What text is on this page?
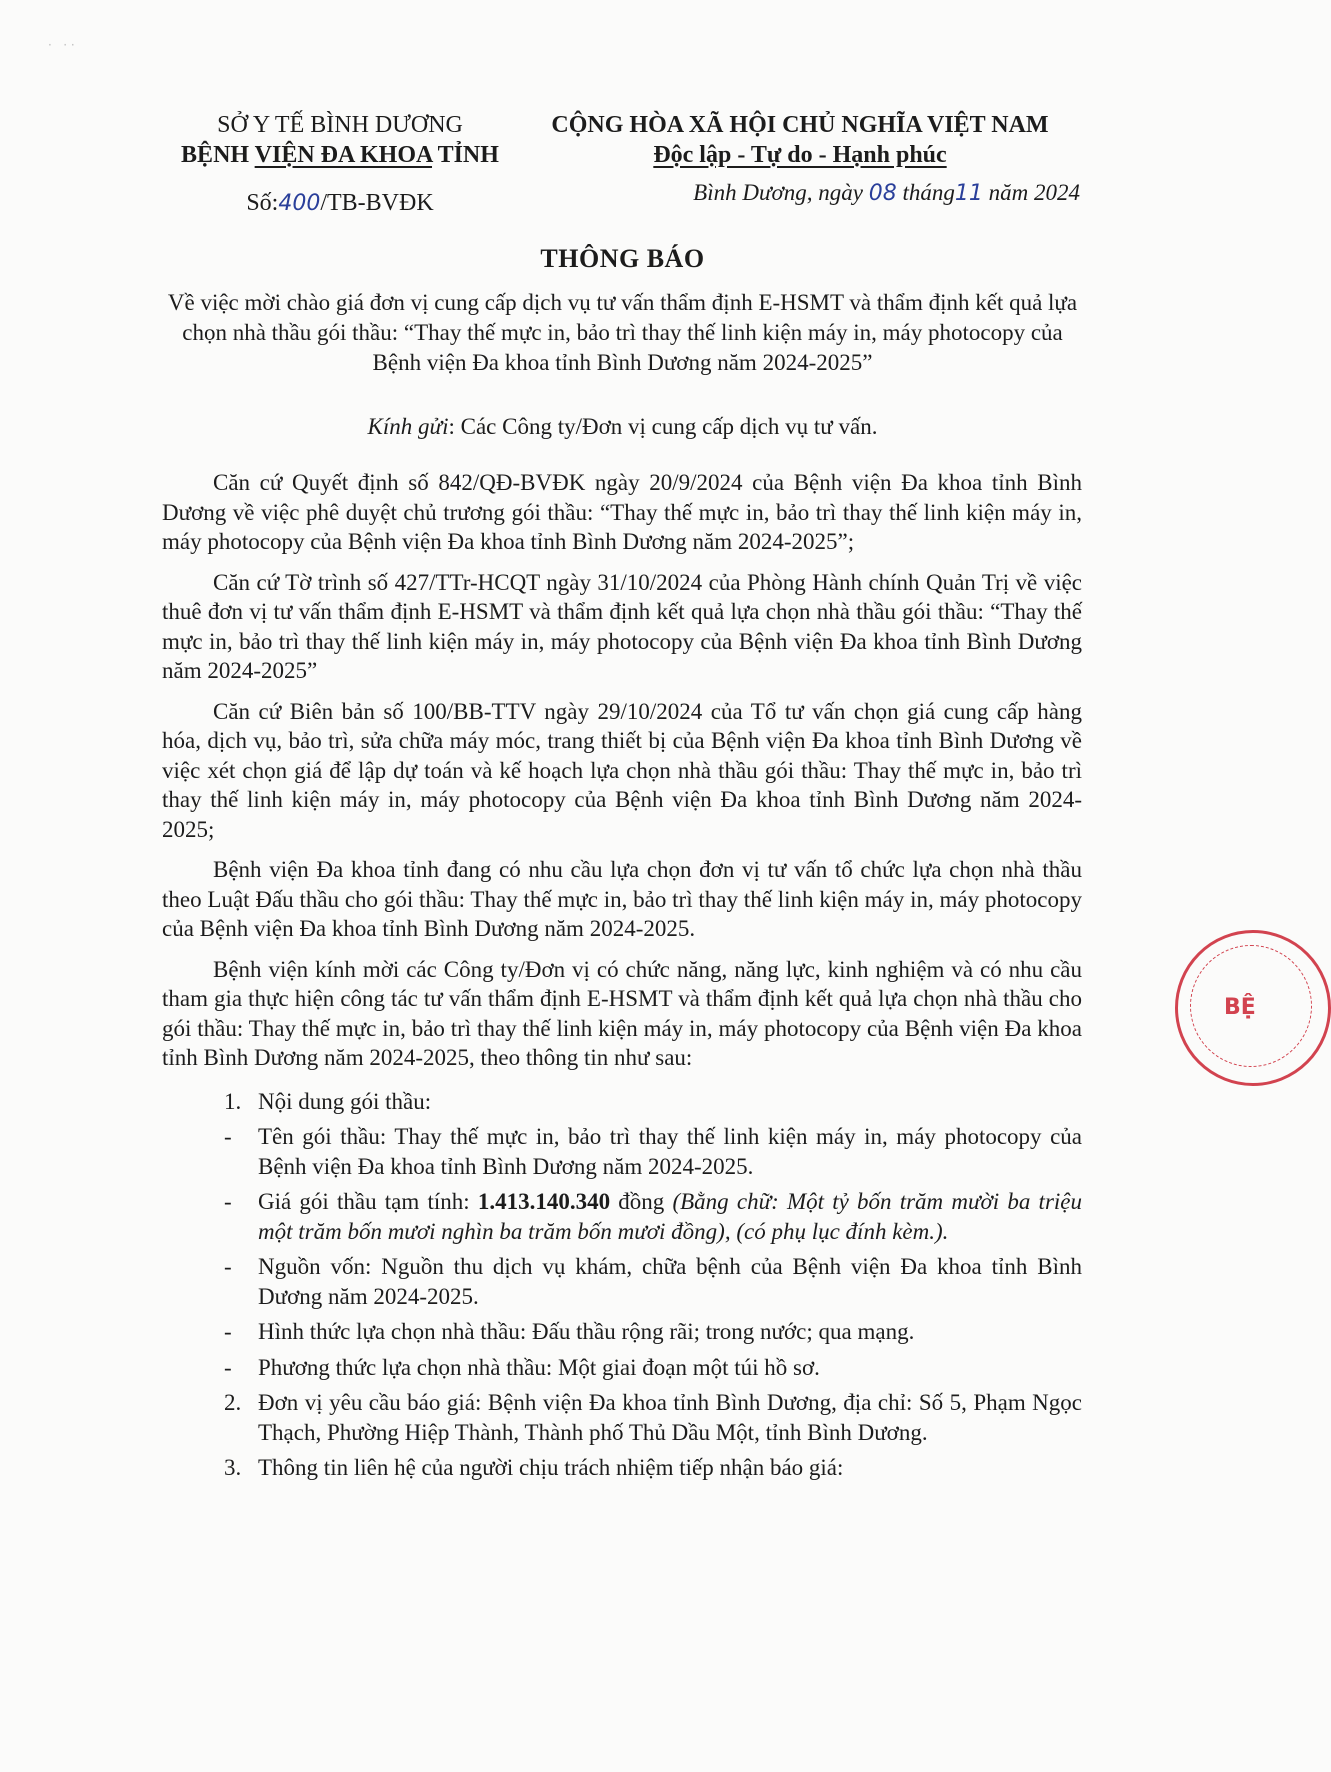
·   · ·
SỞ Y TẾ BÌNH DƯƠNG
BỆNH VIỆN ĐA KHOA TỈNH
Số:400/TB-BVĐK
CỘNG HÒA XÃ HỘI CHỦ NGHĨA VIỆT NAM
Độc lập - Tự do - Hạnh phúc
Bình Dương, ngày 08 tháng11 năm 2024
THÔNG BÁO
Về việc mời chào giá đơn vị cung cấp dịch vụ tư vấn thẩm định E-HSMT và thẩm định kết quả lựa chọn nhà thầu gói thầu: “Thay thế mực in, bảo trì thay thế linh kiện máy in, máy photocopy của Bệnh viện Đa khoa tỉnh Bình Dương năm 2024-2025”
Kính gửi: Các Công ty/Đơn vị cung cấp dịch vụ tư vấn.

Căn cứ Quyết định số 842/QĐ-BVĐK ngày 20/9/2024 của Bệnh viện Đa khoa tỉnh Bình Dương về việc phê duyệt chủ trương gói thầu: “Thay thế mực in, bảo trì thay thế linh kiện máy in, máy photocopy của Bệnh viện Đa khoa tỉnh Bình Dương năm 2024-2025”;

Căn cứ Tờ trình số 427/TTr-HCQT ngày 31/10/2024 của Phòng Hành chính Quản Trị về việc thuê đơn vị tư vấn thẩm định E-HSMT và thẩm định kết quả lựa chọn nhà thầu gói thầu: “Thay thế mực in, bảo trì thay thế linh kiện máy in, máy photocopy của Bệnh viện Đa khoa tỉnh Bình Dương năm 2024-2025”

Căn cứ Biên bản số 100/BB-TTV ngày 29/10/2024 của Tổ tư vấn chọn giá cung cấp hàng hóa, dịch vụ, bảo trì, sửa chữa máy móc, trang thiết bị của Bệnh viện Đa khoa tỉnh Bình Dương về việc xét chọn giá để lập dự toán và kế hoạch lựa chọn nhà thầu gói thầu: Thay thế mực in, bảo trì thay thế linh kiện máy in, máy photocopy của Bệnh viện Đa khoa tỉnh Bình Dương năm 2024-2025;

Bệnh viện Đa khoa tỉnh đang có nhu cầu lựa chọn đơn vị tư vấn tổ chức lựa chọn nhà thầu theo Luật Đấu thầu cho gói thầu: Thay thế mực in, bảo trì thay thế linh kiện máy in, máy photocopy của Bệnh viện Đa khoa tỉnh Bình Dương năm 2024-2025.

Bệnh viện kính mời các Công ty/Đơn vị có chức năng, năng lực, kinh nghiệm và có nhu cầu tham gia thực hiện công tác tư vấn thẩm định E-HSMT và thẩm định kết quả lựa chọn nhà thầu cho gói thầu: Thay thế mực in, bảo trì thay thế linh kiện máy in, máy photocopy của Bệnh viện Đa khoa tỉnh Bình Dương năm 2024-2025, theo thông tin như sau:

1. Nội dung gói thầu:
-	Tên gói thầu: Thay thế mực in, bảo trì thay thế linh kiện máy in, máy photocopy của Bệnh viện Đa khoa tỉnh Bình Dương năm 2024-2025.
-	Giá gói thầu tạm tính: 1.413.140.340 đồng (Bằng chữ: Một tỷ bốn trăm mười ba triệu một trăm bốn mươi nghìn ba trăm bốn mươi đồng), (có phụ lục đính kèm.).
-	Nguồn vốn: Nguồn thu dịch vụ khám, chữa bệnh của Bệnh viện Đa khoa tỉnh Bình Dương năm 2024-2025.
-	Hình thức lựa chọn nhà thầu: Đấu thầu rộng rãi; trong nước; qua mạng.
-	Phương thức lựa chọn nhà thầu: Một giai đoạn một túi hồ sơ.
2. Đơn vị yêu cầu báo giá: Bệnh viện Đa khoa tỉnh Bình Dương, địa chỉ: Số 5, Phạm Ngọc Thạch, Phường Hiệp Thành, Thành phố Thủ Dầu Một, tỉnh Bình Dương.
3. Thông tin liên hệ của người chịu trách nhiệm tiếp nhận báo giá:
BỆ
